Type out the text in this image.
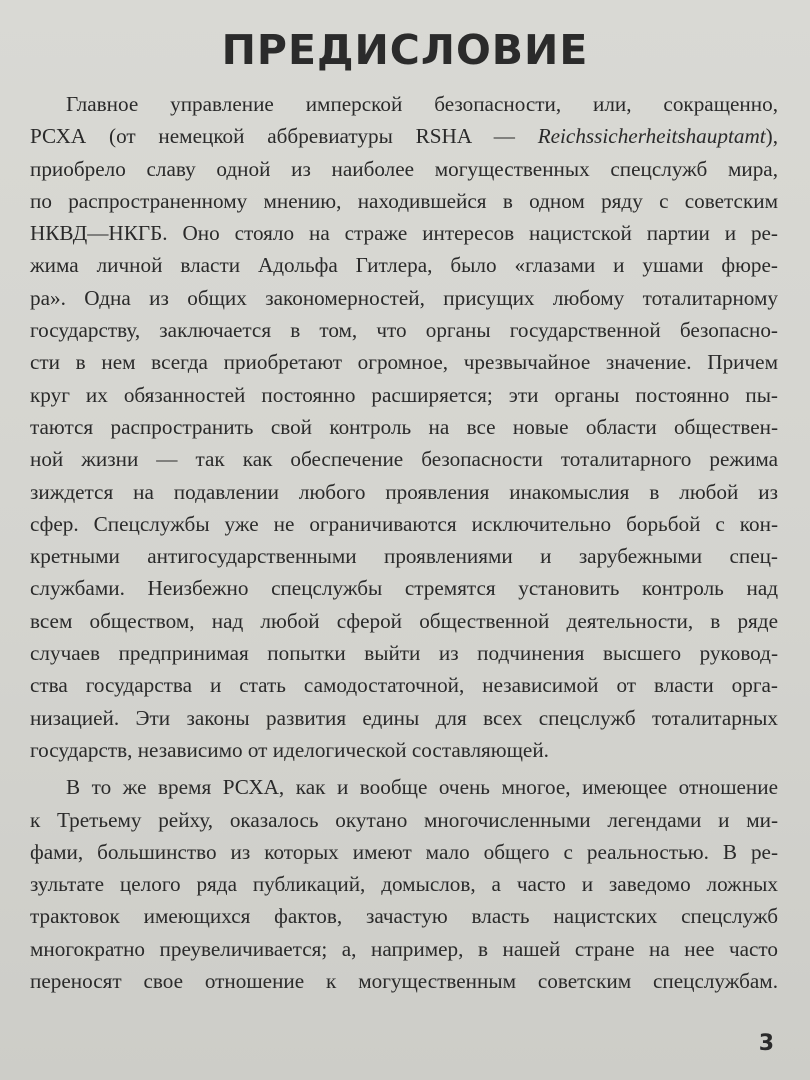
ПРЕДИСЛОВИЕ
Главное управление имперской безопасности, или, сокращенно,
РСХА (от немецкой аббревиатуры RSHA — Reichssicherheitshauptamt),
приобрело славу одной из наиболее могущественных спецслужб мира,
по распространенному мнению, находившейся в одном ряду с советским
НКВД—НКГБ. Оно стояло на страже интересов нацистской партии и ре-
жима личной власти Адольфа Гитлера, было «глазами и ушами фюре-
ра». Одна из общих закономерностей, присущих любому тоталитарному
государству, заключается в том, что органы государственной безопасно-
сти в нем всегда приобретают огромное, чрезвычайное значение. Причем
круг их обязанностей постоянно расширяется; эти органы постоянно пы-
таются распространить свой контроль на все новые области обществен-
ной жизни — так как обеспечение безопасности тоталитарного режима
зиждется на подавлении любого проявления инакомыслия в любой из
сфер. Спецслужбы уже не ограничиваются исключительно борьбой с кон-
кретными антигосударственными проявлениями и зарубежными спец-
службами. Неизбежно спецслужбы стремятся установить контроль над
всем обществом, над любой сферой общественной деятельности, в ряде
случаев предпринимая попытки выйти из подчинения высшего руковод-
ства государства и стать самодостаточной, независимой от власти орга-
низацией. Эти законы развития едины для всех спецслужб тоталитарных
государств, независимо от иделогической составляющей.
В то же время РСХА, как и вообще очень многое, имеющее отношение
к Третьему рейху, оказалось окутано многочисленными легендами и ми-
фами, большинство из которых имеют мало общего с реальностью. В ре-
зультате целого ряда публикаций, домыслов, а часто и заведомо ложных
трактовок имеющихся фактов, зачастую власть нацистских спецслужб
многократно преувеличивается; а, например, в нашей стране на нее часто
переносят свое отношение к могущественным советским спецслужбам.
3
